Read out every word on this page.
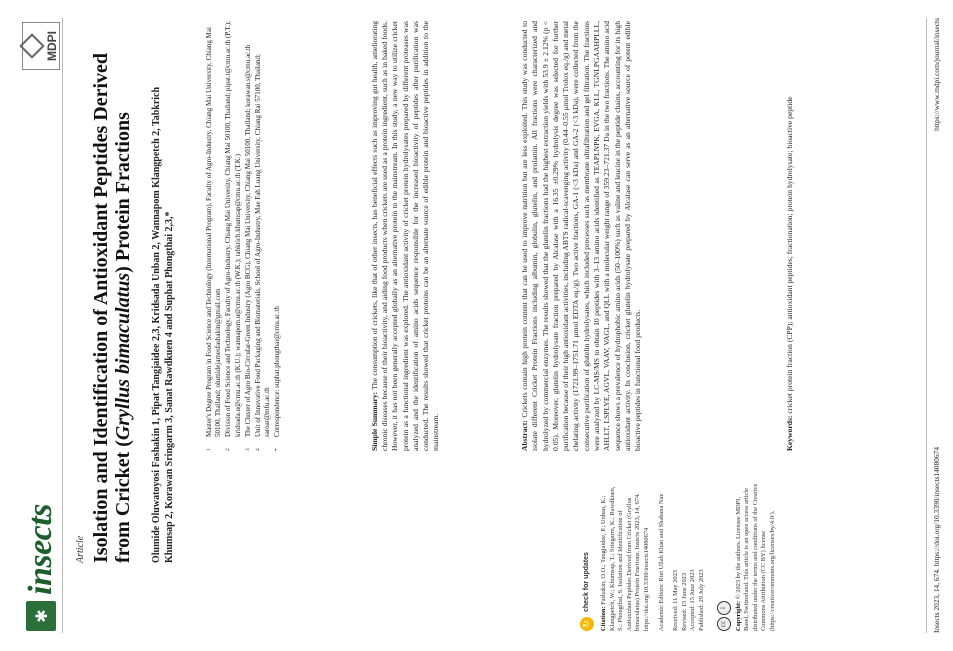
✱
insects
MDPI
Article Isolation and Identification of Antioxidant Peptides Derived from Cricket (Gryllus bimaculatus) Protein Fractions Olumide Oluwatoyosi Fashakin 1, Pipat Tangjaidee 2,3, Kridsada Unban 2, Wannapom Klangpetch 2, Tabkrich Khumsap 2, Korawan Sringarm 3, Sanat Rawdkuen 4 and Suphat Phongthai 2,3,*	1
Master's Degree Program in Food Science and Technology (International Program), Faculty of Agro-Industry, Chiang Mai University, Chiang Mai 50100, Thailand; olumidejamesfashakin@gmail.com
2
Division of Food Science and Technology, Faculty of Agro-Industry, Chiang Mai University, Chiang Mai 50100, Thailand; pipat.t@cmu.ac.th (P.T.); kridsada.u@cmu.ac.th (K.U.); wannapom.u@cmu.ac.th (W.K.); tabkrich.khumsap@cmu.ac.th (T.K.)
3
The Cluster of Agro Bio-Circular-Green Industry (Agro BCG), Chiang Mai University, Chiang Mai 50100, Thailand; korawan.s@cmu.ac.th
4
Unit of Innovative Food Packaging and Biomaterials, School of Agro-Industry, Mae Fah Luang University, Chiang Rai 57100, Thailand; saroat@mfu.ac.th
*
Correspondence: suphat.phongthai@cmu.ac.th	Simple Summary: The consumption of crickets, like that of other insects, has beneficial effects such as improving gut health, ameliorating chronic diseases because of their bioactivity, and aiding food products when crickets are used as a protein ingredient, such as in baked foods. However, it has not been generally accepted globally as an alternative protein to the mainstream. In this study, a new way to utilize cricket protein as a functional ingredient was explored. The antioxidant activity of cricket protein hydrolysates prepared by different proteases was analyzed and the identification of amino acids sequence responsible for the increased bioactivity of peptides after purification was conducted. The results showed that cricket proteins can be an alternate source of edible protein and bioactive peptides in addition to the mainstream.	Abstract: Crickets contain high protein content that can be used to improve nutrition but are less exploited. This study was conducted to isolate different Cricket Protein Fractions including albumin, globulin, glutelin, and prolamin. All fractions were characterized and hydrolyzed by commercial enzymes. The results showed that the glutelin fractions had the highest extraction yields with 53.9 ± 2.12% (p < 0.05). Moreover, glutelin hydrolysate fraction prepared by Alcalase with a 16.35 ±0.29% hydrolysis degree was selected for further purification because of their high antioxidant activities, including ABTS radical-scavenging activity (0.44–0.55 µmol Trolox eq./g) and metal chelating activity (1721.99–1751.71 µmol EDTA eq./g). Two active fractions, GA-1 (<3 kDa) and GA-2 (<3 kDa), were collected from the consecutive purification of glutelin hydrolysates, which included processes such as membrane ultrafiltration and gel filtration. The fractions were analyzed by LC-MS/MS to obtain 10 peptides with 3–13 amino acids identified as TEAPLNPK, EVGA, KLL, TGNLPGAAHPLLL, AHLLT, LSPLYE, AGVL, VAAV, VAGL, and QLL with a molecular weight range of 359.23–721.37 Da in the two fractions. The amino acid sequence shows a prevalence of hydrophobic amino acids (50–100%) such as valine and leucine in the peptide chains, accounting for its high antioxidant activity. In conclusion, cricket glutelin hydrolysate prepared by Alcalase can serve as an alternative source of potent edible bioactive peptides in functional food products.	Keywords: cricket protein fraction (CPP); antioxidant peptides; fractionation; protein hydrolysate; bioactive peptide
↻
check for updates
Citation: Fashakin, O.O.; Tangjaidee, P.; Unban, K.; Klangpetch, W.; Khumsap, T.; Sringarm, K.; Rawdkuen, S.; Phongthai, S. Isolation and Identification of Antioxidant Peptides Derived from Cricket (Gryllus bimaculatus) Protein Fractions. Insects 2023, 14, 674. https://doi.org/10.3390/insects14080674 Academic Editors: Rizt Ullah Khan and Shabana Naz Received: 11 May 2023 Revised: 15 June 2023 Accepted: 15 June 2023 Published: 29 July 2023	cc
i	Copyright: © 2023 by the authors. Licensee MDPI, Basel, Switzerland. This article is an open access article distributed under the terms and conditions of the Creative Commons Attribution (CC BY) license (https://creativecommons.org/licenses/by/4.0/).	Insects 2023, 14, 674. https://doi.org/10.3390/insects14080674
https://www.mdpi.com/journal/insects
